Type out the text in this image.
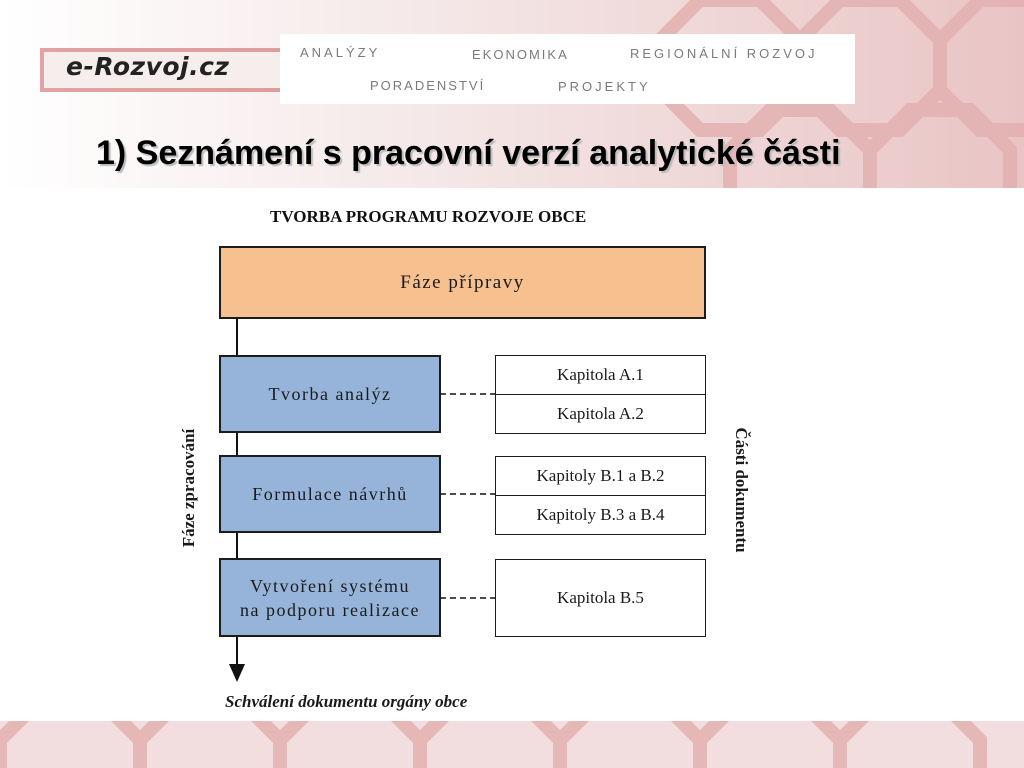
e-Rozvoj.cz	ANALÝZY	EKONOMIKA	REGIONÁLNÍ ROZVOJ
PORADENSTVÍ	PROJEKTY
1) Seznámení s pracovní verzí analytické části
TVORBA PROGRAMU ROZVOJE OBCE
Fáze přípravy
Tvorba analýz
Formulace návrhů
Vytvoření systému
na podporu realizace
Kapitola A.1
Kapitola A.2
Kapitoly B.1 a B.2
Kapitoly B.3 a B.4
Kapitola B.5
Fáze zpracování	Části dokumentu
Schválení dokumentu orgány obce
